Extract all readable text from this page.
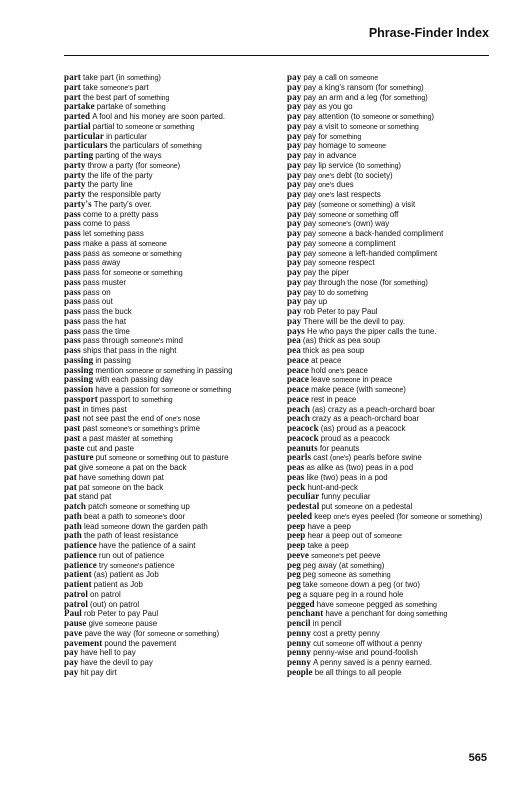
Phrase-Finder Index
part take part (in something)
part take someone's part
part the best part of something
partake partake of something
parted A fool and his money are soon parted.
partial partial to someone or something
particular in particular
particulars the particulars of something
parting parting of the ways
party throw a party (for someone)
party the life of the party
party the party line
party the responsible party
party's The party's over.
pass come to a pretty pass
pass come to pass
pass let something pass
pass make a pass at someone
pass pass as someone or something
pass pass away
pass pass for someone or something
pass pass muster
pass pass on
pass pass out
pass pass the buck
pass pass the hat
pass pass the time
pass pass through someone's mind
pass ships that pass in the night
passing in passing
passing mention someone or something in passing
passing with each passing day
passion have a passion for someone or something
passport passport to something
past in times past
past not see past the end of one's nose
past past someone's or something's prime
past a past master at something
paste cut and paste
pasture put someone or something out to pasture
pat give someone a pat on the back
pat have something down pat
pat pat someone on the back
pat stand pat
patch patch someone or something up
path beat a path to someone's door
path lead someone down the garden path
path the path of least resistance
patience have the patience of a saint
patience run out of patience
patience try someone's patience
patient (as) patient as Job
patient patient as Job
patrol on patrol
patrol (out) on patrol
Paul rob Peter to pay Paul
pause give someone pause
pave pave the way (for someone or something)
pavement pound the pavement
pay have hell to pay
pay have the devil to pay
pay hit pay dirt
pay pay a call on someone
pay pay a king's ransom (for something)
pay pay an arm and a leg (for something)
pay pay as you go
pay pay attention (to someone or something)
pay pay a visit to someone or something
pay pay for something
pay pay homage to someone
pay pay in advance
pay pay lip service (to something)
pay pay one's debt (to society)
pay pay one's dues
pay pay one's last respects
pay pay (someone or something) a visit
pay pay someone or something off
pay pay someone's (own) way
pay pay someone a back-handed compliment
pay pay someone a compliment
pay pay someone a left-handed compliment
pay pay someone respect
pay pay the piper
pay pay through the nose (for something)
pay pay to do something
pay pay up
pay rob Peter to pay Paul
pay There will be the devil to pay.
pays He who pays the piper calls the tune.
pea (as) thick as pea soup
pea thick as pea soup
peace at peace
peace hold one's peace
peace leave someone in peace
peace make peace (with someone)
peace rest in peace
peach (as) crazy as a peach-orchard boar
peach crazy as a peach-orchard boar
peacock (as) proud as a peacock
peacock proud as a peacock
peanuts for peanuts
pearls cast (one's) pearls before swine
peas as alike as (two) peas in a pod
peas like (two) peas in a pod
peck hunt-and-peck
peculiar funny peculiar
pedestal put someone on a pedestal
peeled keep one's eyes peeled (for someone or something)
peep have a peep
peep hear a peep out of someone
peep take a peep
peeve someone's pet peeve
peg peg away (at something)
peg peg someone as something
peg take someone down a peg (or two)
peg a square peg in a round hole
pegged have someone pegged as something
penchant have a penchant for doing something
pencil in pencil
penny cost a pretty penny
penny cut someone off without a penny
penny penny-wise and pound-foolish
penny A penny saved is a penny earned.
people be all things to all people
565
